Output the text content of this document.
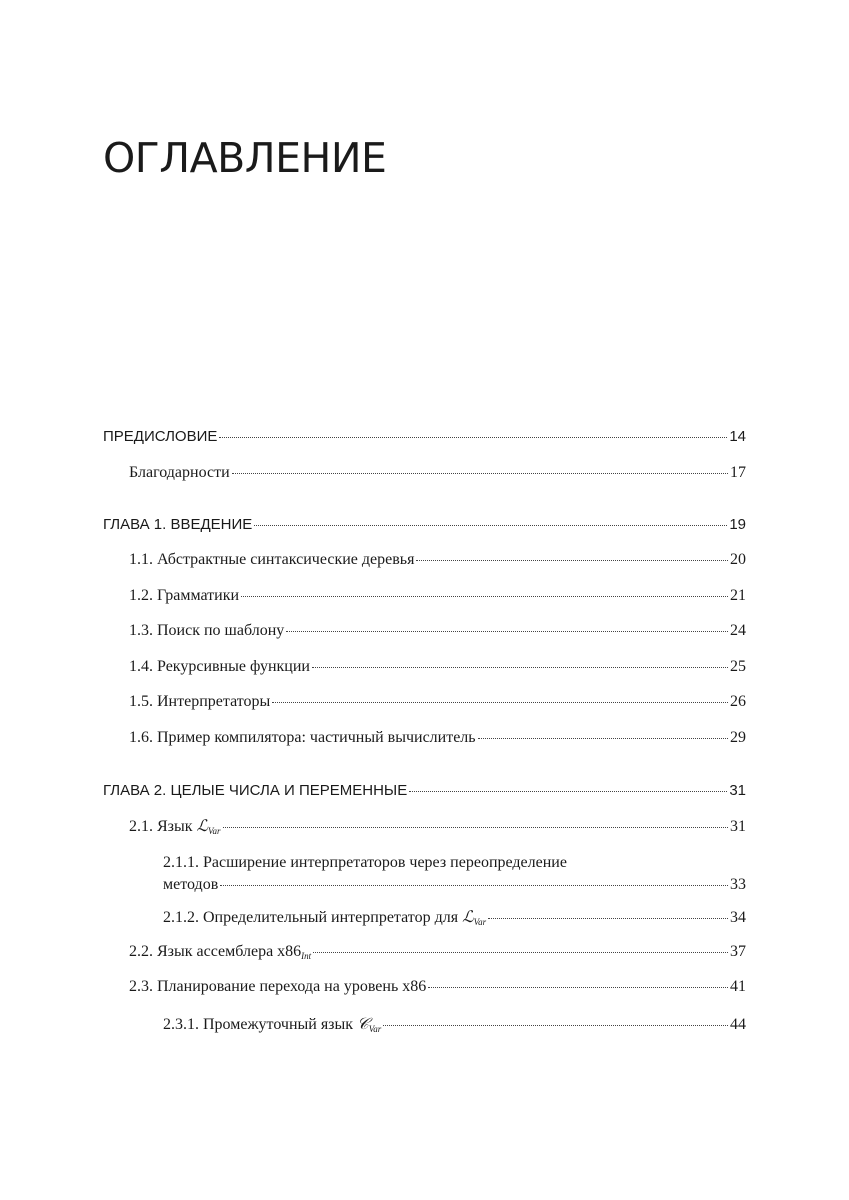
ОГЛАВЛЕНИЕ
ПРЕДИСЛОВИЕ	14
Благодарности	17
ГЛАВА 1. ВВЕДЕНИЕ	19
1.1. Абстрактные синтаксические деревья	20
1.2. Грамматики	21
1.3. Поиск по шаблону	24
1.4. Рекурсивные функции	25
1.5. Интерпретаторы	26
1.6. Пример компилятора: частичный вычислитель	29
ГЛАВА 2. ЦЕЛЫЕ ЧИСЛА И ПЕРЕМЕННЫЕ	31
2.1. Язык ℒ$_{Var}$	31
2.1.1. Расширение интерпретаторов через переопределение
методов	33
2.1.2. Определительный интерпретатор для ℒ$_{Var}$	34
2.2. Язык ассемблера $x86_{Int}$	37
2.3. Планирование перехода на уровень x86	41
2.3.1. Промежуточный язык 𝒞$_{Var}$	44
